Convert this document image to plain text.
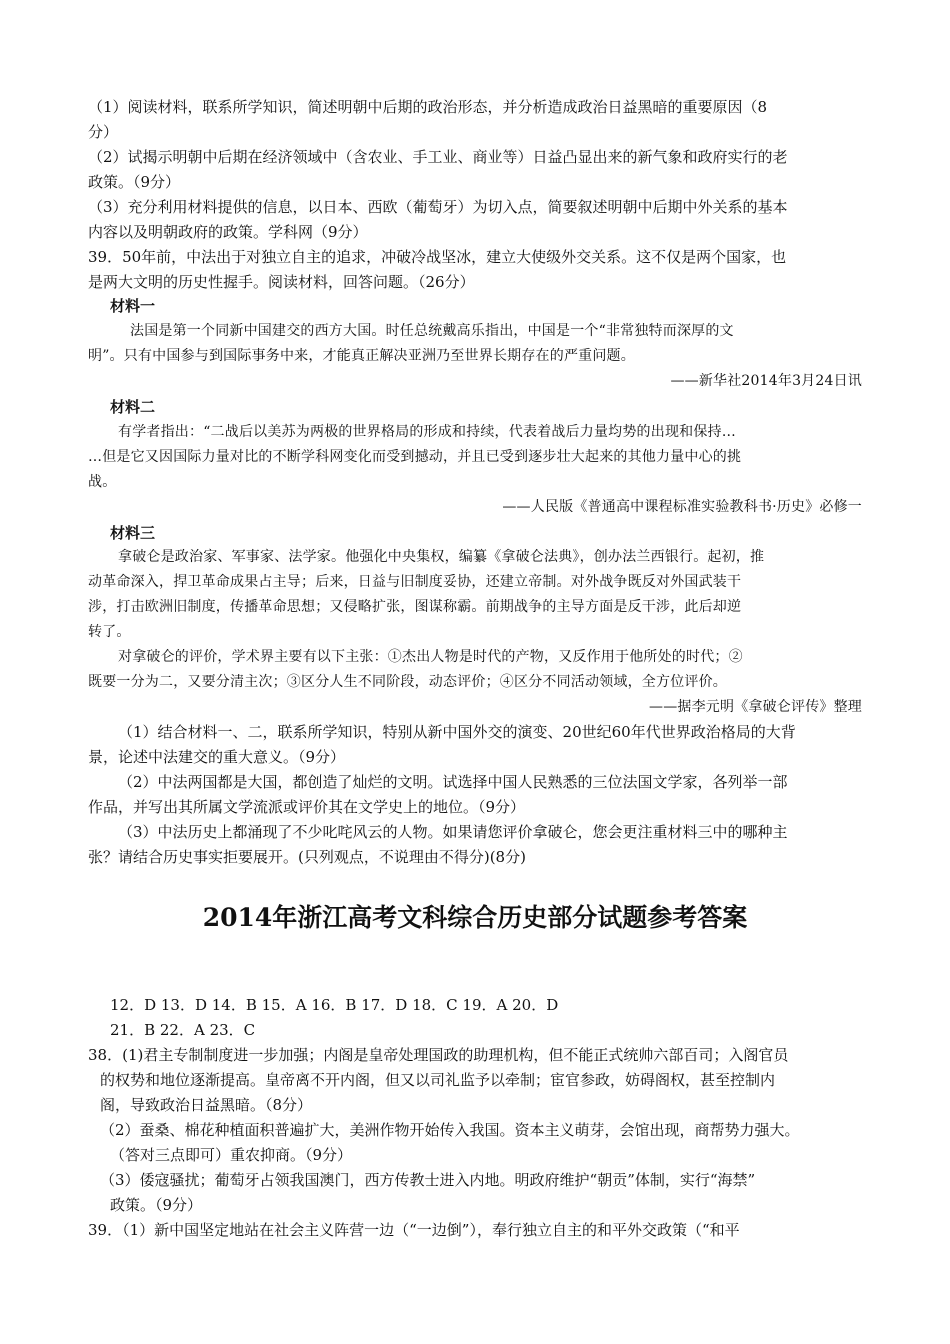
（1）阅读材料，联系所学知识，简述明朝中后期的政治形态，并分析造成政治日益黑暗的重要原因（8
分）
（2）试揭示明朝中后期在经济领域中（含农业、手工业、商业等）日益凸显出来的新气象和政府实行的老
政策。（9分）
（3）充分利用材料提供的信息，以日本、西欧（葡萄牙）为切入点，简要叙述明朝中后期中外关系的基本
内容以及明朝政府的政策。学科网（9分）
39．50年前，中法出于对独立自主的追求，冲破冷战坚冰，建立大使级外交关系。这不仅是两个国家，也
是两大文明的历史性握手。阅读材料，回答问题。（26分）
材料一
法国是第一个同新中国建交的西方大国。时任总统戴高乐指出，中国是一个“非常独特而深厚的文
明”。只有中国参与到国际事务中来，才能真正解决亚洲乃至世界长期存在的严重问题。
——新华社2014年3月24日讯
材料二
有学者指出：“二战后以美苏为两极的世界格局的形成和持续，代表着战后力量均势的出现和保持…
…但是它又因国际力量对比的不断学科网变化而受到撼动，并且已受到逐步壮大起来的其他力量中心的挑
战。
——人民版《普通高中课程标准实验教科书·历史》必修一
材料三
拿破仑是政治家、军事家、法学家。他强化中央集权，编纂《拿破仑法典》，创办法兰西银行。起初，推
动革命深入，捍卫革命成果占主导；后来，日益与旧制度妥协，还建立帝制。对外战争既反对外国武装干
涉，打击欧洲旧制度，传播革命思想；又侵略扩张，图谋称霸。前期战争的主导方面是反干涉，此后却逆
转了。
对拿破仑的评价，学术界主要有以下主张：①杰出人物是时代的产物，又反作用于他所处的时代；②
既要一分为二，又要分清主次；③区分人生不同阶段，动态评价；④区分不同活动领域，全方位评价。
——据李元明《拿破仑评传》整理
（1）结合材料一、二，联系所学知识，特别从新中国外交的演变、20世纪60年代世界政治格局的大背
景，论述中法建交的重大意义。（9分）
（2）中法两国都是大国，都创造了灿烂的文明。试选择中国人民熟悉的三位法国文学家，各列举一部
作品，并写出其所属文学流派或评价其在文学史上的地位。（9分）
（3）中法历史上都涌现了不少叱咤风云的人物。如果请您评价拿破仑，您会更注重材料三中的哪种主
张？请结合历史事实拒要展开。(只列观点，不说理由不得分)(8分)
2014年浙江高考文科综合历史部分试题参考答案
12．D 13．D 14．B 15．A 16．B 17．D 18．C 19．A 20．D
21．B 22．A 23．C
38．(1)君主专制制度进一步加强；内阁是皇帝处理国政的助理机构，但不能正式统帅六部百司；入阁官员
的权势和地位逐渐提高。皇帝离不开内阁，但又以司礼监予以牵制；宦官参政，妨碍阁权，甚至控制内
阁，导致政治日益黑暗。（8分）
（2）蚕桑、棉花种植面积普遍扩大，美洲作物开始传入我国。资本主义萌芽，会馆出现，商帮势力强大。
（答对三点即可）重农抑商。（9分）
（3）倭寇骚扰；葡萄牙占领我国澳门，西方传教士进入内地。明政府维护“朝贡”体制，实行“海禁”
政策。（9分）
39．（1）新中国坚定地站在社会主义阵营一边（“一边倒”），奉行独立自主的和平外交政策（“和平
